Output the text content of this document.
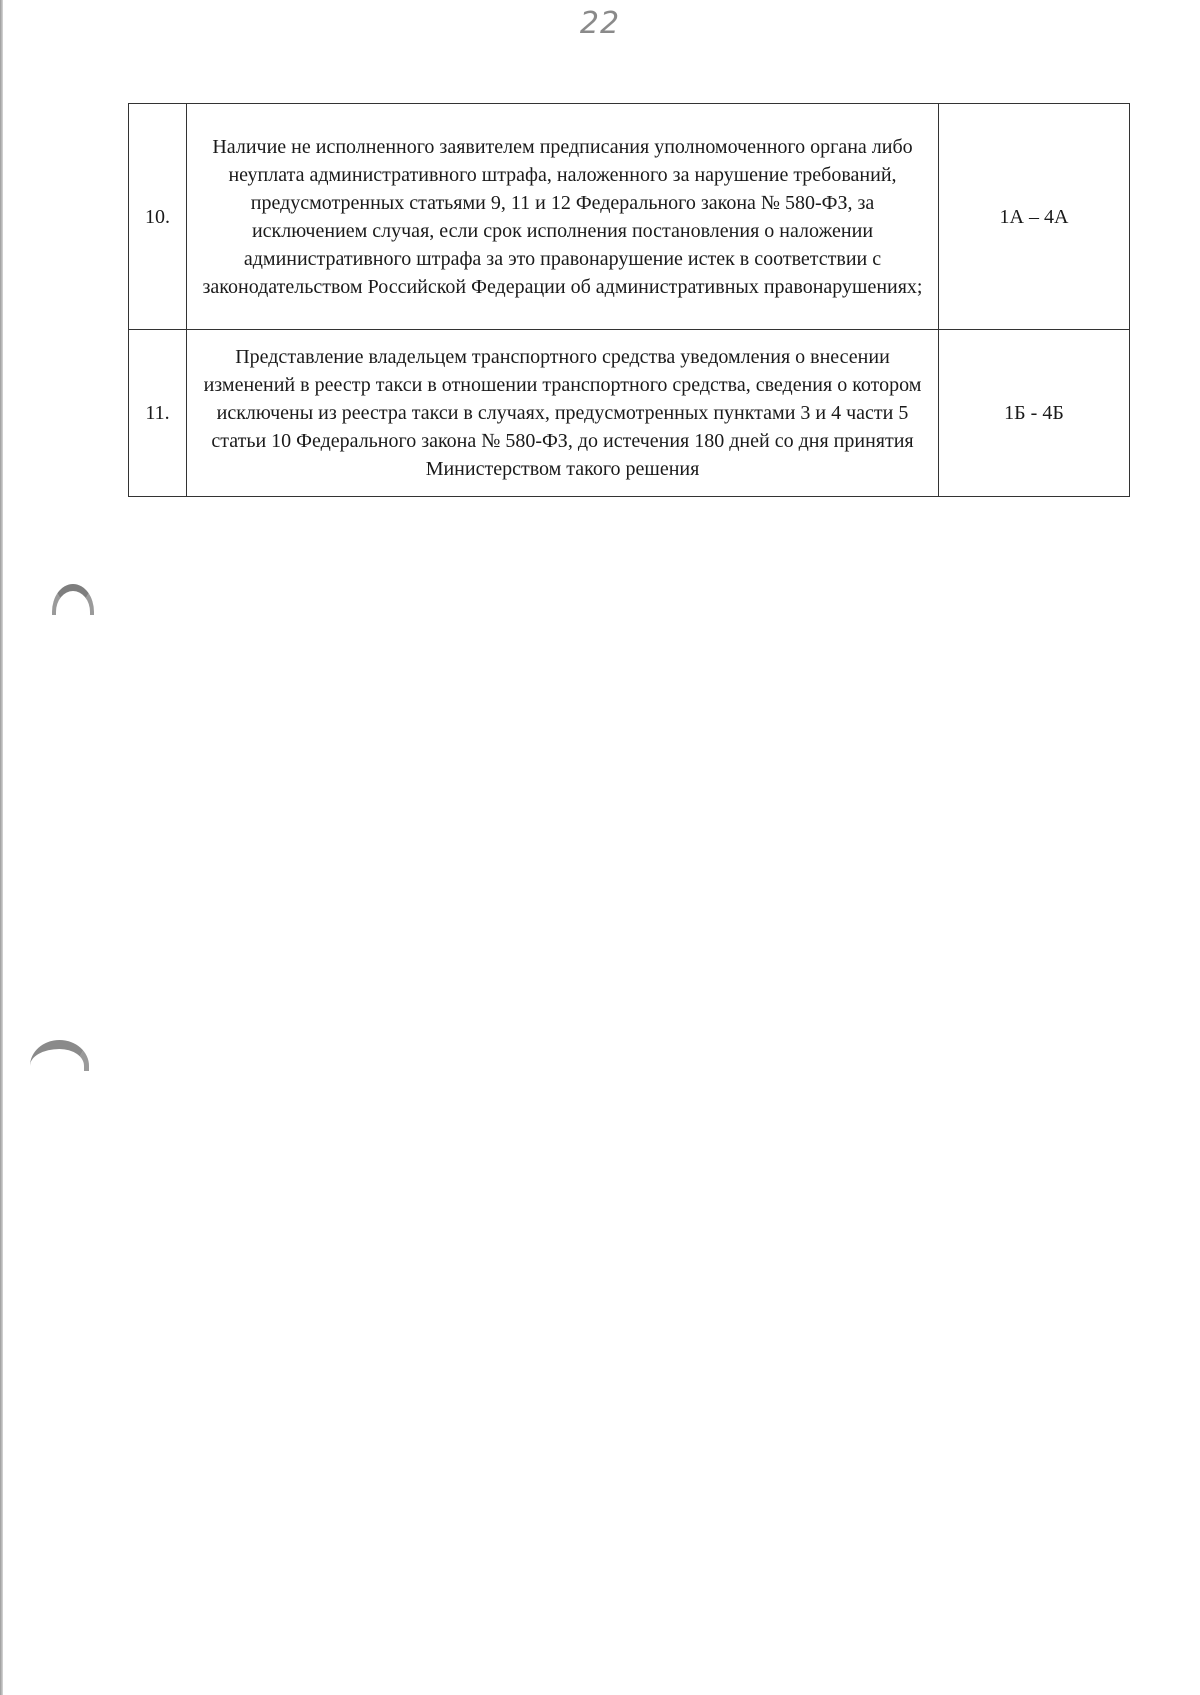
22
10.	Наличие не исполненного заявителем предписания уполномоченного органа либо неуплата административного штрафа, наложенного за нарушение требований, предусмотренных статьями 9, 11 и 12 Федерального закона № 580-ФЗ, за исключением случая, если срок исполнения постановления о наложении административного штрафа за это правонарушение истек в соответствии с законодательством Российской Федерации об административных правонарушениях;	1А – 4А
11.	Представление владельцем транспортного средства уведомления о внесении изменений в реестр такси в отношении транспортного средства, сведения о котором исключены из реестра такси в случаях, предусмотренных пунктами 3 и 4 части 5 статьи 10 Федерального закона № 580-ФЗ, до истечения 180 дней со дня принятия Министерством такого решения	1Б - 4Б
